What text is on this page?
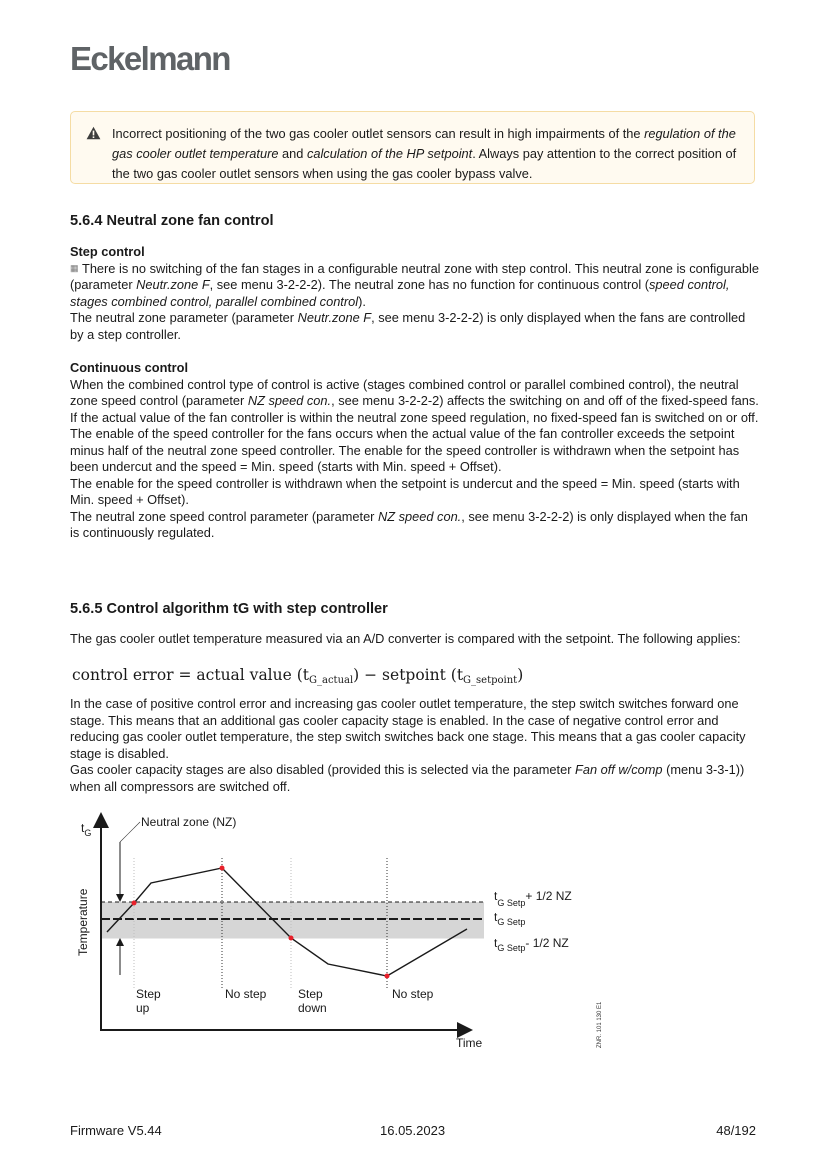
Eckelmann
Incorrect positioning of the two gas cooler outlet sensors can result in high impairments of the regulation of the gas cooler outlet temperature and calculation of the HP setpoint. Always pay attention to the correct position of the two gas cooler outlet sensors when using the gas cooler bypass valve.
5.6.4 Neutral zone fan control
Step control

▦ There is no switching of the fan stages in a configurable neutral zone with step control. This neutral zone is configurable (parameter Neutr.zone F, see menu 3-2-2-2). The neutral zone has no function for continuous control (speed control, stages combined control, parallel combined control).

The neutral zone parameter (parameter Neutr.zone F, see menu 3-2-2-2) is only displayed when the fans are controlled by a step controller.

Continuous control

When the combined control type of control is active (stages combined control or parallel combined control), the neutral zone speed control (parameter NZ speed con., see menu 3-2-2-2) affects the switching on and off of the fixed-speed fans.

If the actual value of the fan controller is within the neutral zone speed regulation, no fixed-speed fan is switched on or off.

The enable of the speed controller for the fans occurs when the actual value of the fan controller exceeds the setpoint minus half of the neutral zone speed controller. The enable for the speed controller is withdrawn when the setpoint has been undercut and the speed = Min. speed (starts with Min. speed + Offset).

The enable for the speed controller is withdrawn when the setpoint is undercut and the speed = Min. speed (starts with Min. speed + Offset).

The neutral zone speed control parameter (parameter NZ speed con., see menu 3-2-2-2) is only displayed when the fan is continuously regulated.

5.6.5 Control algorithm tG with step controller

The gas cooler outlet temperature measured via an A/D converter is compared with the setpoint. The following applies:

control error = actual value $(t_{G\_actual})$ − setpoint $(t_{G\_setpoint})$

In the case of positive control error and increasing gas cooler outlet temperature, the step switch switches forward one stage. This means that an additional gas cooler capacity stage is enabled. In the case of negative control error and reducing gas cooler outlet temperature, the step switch switches back one stage. This means that a gas cooler capacity stage is disabled.

Gas cooler capacity stages are also disabled (provided this is selected via the parameter Fan off w/comp (menu 3-3-1)) when all compressors are switched off.

$t_G$
Neutral zone (NZ)
Temperature
Time
$t_{G Setp}+ 1/2$ NZ
$t_{G Setp}$
$t_{G Setp}-$ 1/2 NZ
Step up
No step	Step down
No step
ZNR. 101 130 E1
Firmware V5.44	16.05.2023	48/192
